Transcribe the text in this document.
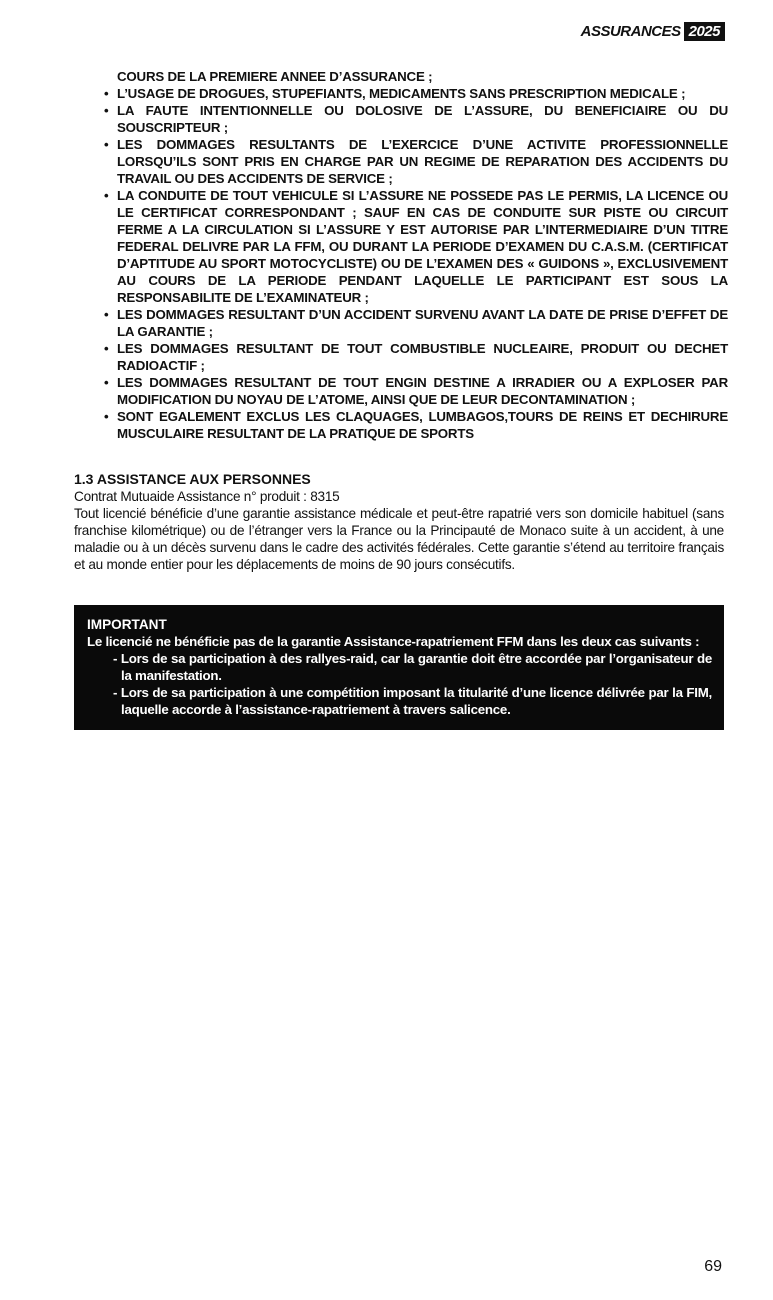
ASSURANCES 2025

COURS DE LA PREMIERE ANNEE D’ASSURANCE ;

• L’USAGE DE DROGUES, STUPEFIANTS, MEDICAMENTS SANS PRESCRIPTION MEDICALE ;

• LA FAUTE INTENTIONNELLE OU DOLOSIVE DE L’ASSURE, DU BENEFICIAIRE OU DU SOUSCRIPTEUR ;

• LES DOMMAGES RESULTANTS DE L’EXERCICE D’UNE ACTIVITE PROFESSIONNELLE LORSQU’ILS SONT PRIS EN CHARGE PAR UN REGIME DE REPARATION DES ACCIDENTS DU TRAVAIL OU DES ACCIDENTS DE SERVICE ;

• LA CONDUITE DE TOUT VEHICULE SI L’ASSURE NE POSSEDE PAS LE PERMIS, LA LICENCE OU LE CERTIFICAT CORRESPONDANT ; SAUF EN CAS DE CONDUITE SUR PISTE OU CIRCUIT FERME A LA CIRCULATION SI L’ASSURE Y EST AUTORISE PAR L’INTERMEDIAIRE D’UN TITRE FEDERAL DELIVRE PAR LA FFM, OU DURANT LA PERIODE D’EXAMEN DU C.A.S.M. (CERTIFICAT D’APTITUDE AU SPORT MOTOCYCLISTE) OU DE L’EXAMEN DES « GUIDONS », EXCLUSIVEMENT AU COURS DE LA PERIODE PENDANT LAQUELLE LE PARTICIPANT EST SOUS LA RESPONSABILITE DE L’EXAMINATEUR ;

• LES DOMMAGES RESULTANT D’UN ACCIDENT SURVENU AVANT LA DATE DE PRISE D’EFFET DE LA GARANTIE ;

• LES DOMMAGES RESULTANT DE TOUT COMBUSTIBLE NUCLEAIRE, PRODUIT OU DECHET RADIOACTIF ;

• LES DOMMAGES RESULTANT DE TOUT ENGIN DESTINE A IRRADIER OU A EXPLOSER PAR MODIFICATION DU NOYAU DE L’ATOME, AINSI QUE DE LEUR DECONTAMINATION ;

• SONT EGALEMENT EXCLUS LES CLAQUAGES, LUMBAGOS,TOURS DE REINS ET DECHIRURE MUSCULAIRE RESULTANT DE LA PRATIQUE DE SPORTS

1.3 ASSISTANCE AUX PERSONNES

Contrat Mutuaide Assistance n° produit : 8315

Tout licencié bénéficie d’une garantie assistance médicale et peut-être rapatrié vers son domicile habituel (sans franchise kilométrique) ou de l’étranger vers la France ou la Principauté de Monaco suite à un accident, à une maladie ou à un décès survenu dans le cadre des activités fédérales. Cette garantie s’étend au territoire français et au monde entier pour les déplacements de moins de 90 jours consécutifs.

IMPORTANT

Le licencié ne bénéficie pas de la garantie Assistance-rapatriement FFM dans les deux cas suivants :

- Lors de sa participation à des rallyes-raid, car la garantie doit être accordée par l’organisateur de la manifestation.

- Lors de sa participation à une compétition imposant la titularité d’une licence délivrée par la FIM, laquelle accorde à l’assistance-rapatriement à travers salicence.

69
